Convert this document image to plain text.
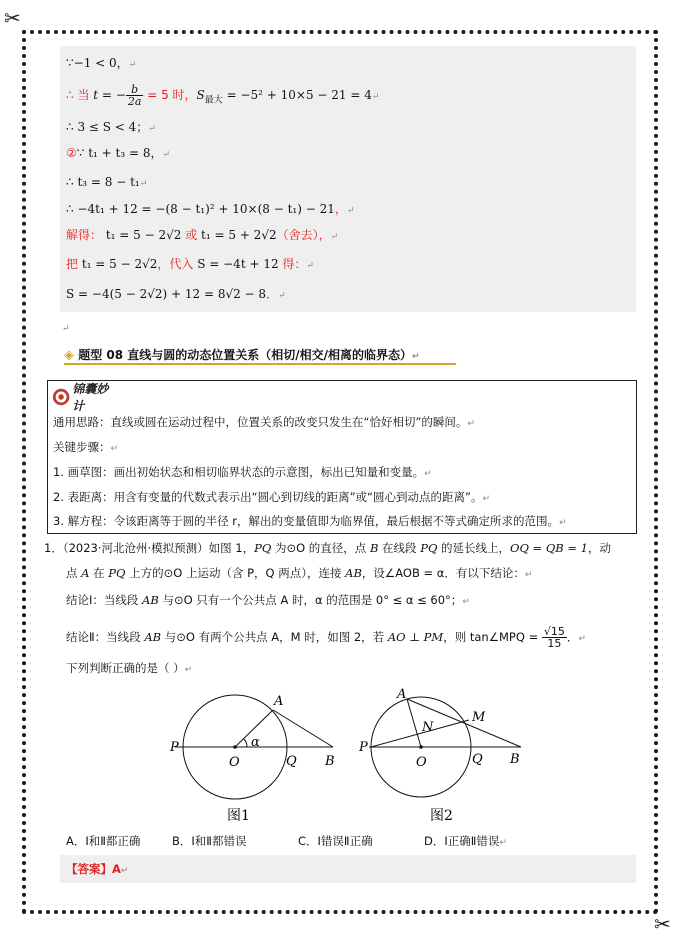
✂
✂
∵−1 < 0，↵
∴ 当 t = − $\frac{b}{2a} = 5$ 时，$S_{最大} = -5^2 + 10\times 5 - 21$ = 4↵
∴ 3 ≤ S < 4；↵
②∵ t₁ + t₃ = 8，↵
∴ t₃ = 8 − t₁↵
∴ −4t₁ + 12 = −(8 − t₁)² + 10×(8 − t₁) − 21，↵
解得： t₁ = 5 − 2√2 或 t₁ = 5 + 2√2（舍去），↵
把 t₁ = 5 − 2√2，代入 S = −4t + 12 得：↵
S = −4(5 − 2√2) + 12 = 8√2 − 8．↵
↵
◈ 题型 08 直线与圆的动态位置关系（相切/相交/相离的临界态）↵
锦囊妙计
通用思路：直线或圆在运动过程中，位置关系的改变只发生在“恰好相切”的瞬间。↵
关键步骤：↵
1. 画草图：画出初始状态和相切临界状态的示意图，标出已知量和变量。↵
2. 表距离：用含有变量的代数式表示出“圆心到切线的距离”或“圆心到动点的距离”。↵
3. 解方程：令该距离等于圆的半径 r，解出的变量值即为临界值，最后根据不等式确定所求的范围。↵
1．（2023·河北沧州·模拟预测）如图 1，PQ 为⊙O 的直径，点 B 在线段 PQ 的延长线上，OQ = QB = 1，动
点 A 在 PQ 上方的⊙O 上运动（含 P，Q 两点），连接 AB，设∠AOB = α．有以下结论：↵
结论Ⅰ：当线段 AB 与⊙O 只有一个公共点 A 时，α 的范围是 0° ≤ α ≤ 60°；↵
结论Ⅱ：当线段 AB 与⊙O 有两个公共点 A，M 时，如图 2，若 AO ⊥ PM，则 tan∠MPQ = $\frac{√15}{15}$ ．↵
下列判断正确的是（ ）↵
P
O	Q B
A
α
图1
P
O	Q B
A
N
M
图2
A．Ⅰ和Ⅱ都正确	B．Ⅰ和Ⅱ都错误	C．Ⅰ错误Ⅱ正确	D．Ⅰ正确Ⅱ错误↵
【答案】A↵
